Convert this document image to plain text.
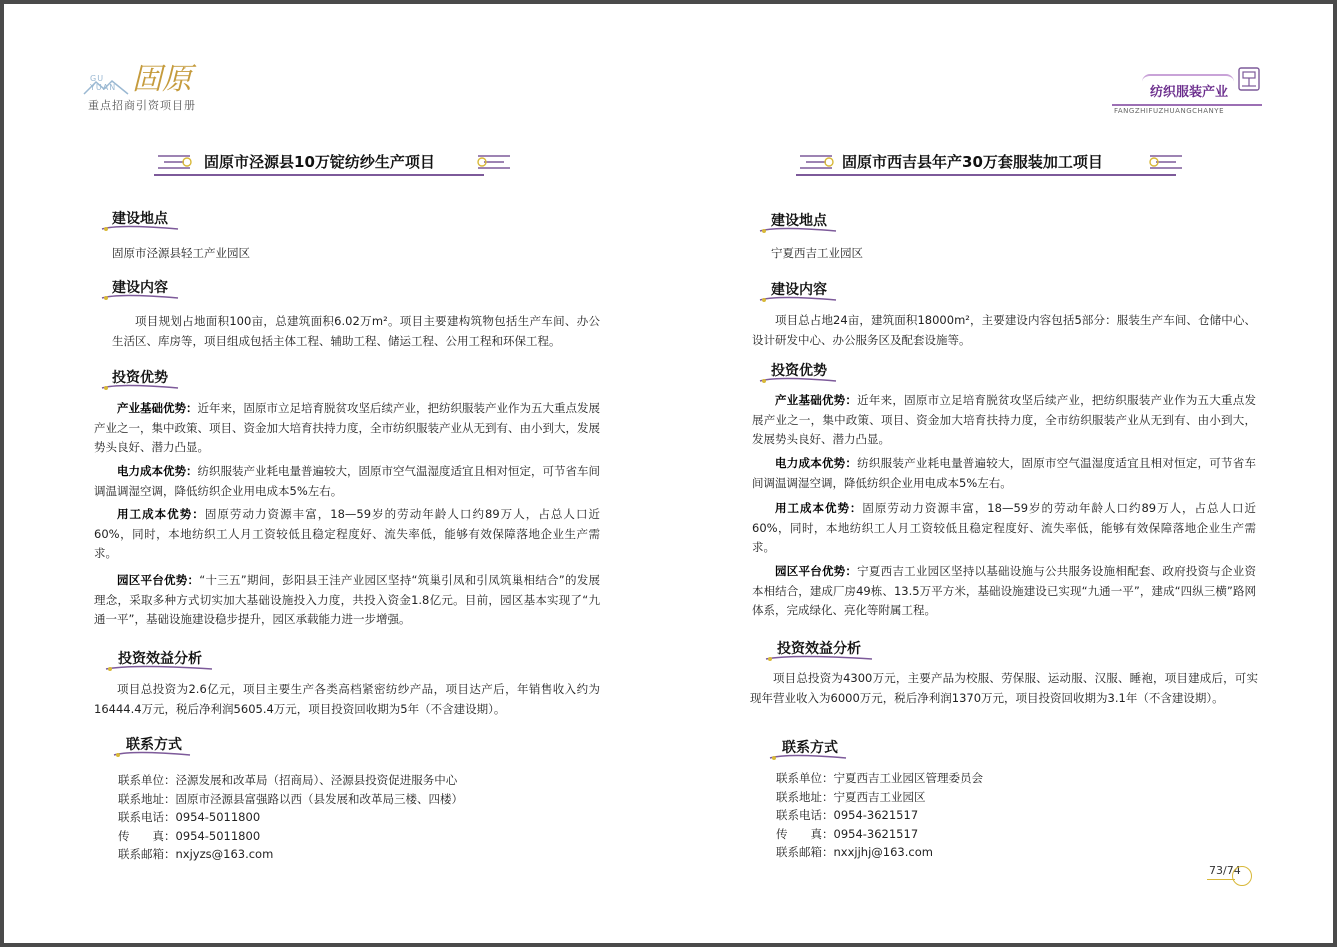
GU
YUAN 固原
重点招商引资项目册
纺织服装产业
FANGZHIFUZHUANGCHANYE
固原市泾源县10万锭纺纱生产项目
建设地点
固原市泾源县轻工产业园区
建设内容

项目规划占地面积100亩，总建筑面积6.02万m²。项目主要建构筑物包括生产车间、办公生活区、库房等，项目组成包括主体工程、辅助工程、储运工程、公用工程和环保工程。

投资优势

产业基础优势：近年来，固原市立足培育脱贫攻坚后续产业，把纺织服装产业作为五大重点发展产业之一，集中政策、项目、资金加大培育扶持力度，全市纺织服装产业从无到有、由小到大，发展势头良好、潜力凸显。

电力成本优势：纺织服装产业耗电量普遍较大，固原市空气温湿度适宜且相对恒定，可节省车间调温调湿空调，降低纺织企业用电成本5%左右。

用工成本优势：固原劳动力资源丰富，18—59岁的劳动年龄人口约89万人，占总人口近60%，同时，本地纺织工人月工资较低且稳定程度好、流失率低，能够有效保障落地企业生产需求。

园区平台优势：“十三五”期间，彭阳县王洼产业园区坚持“筑巢引凤和引凤筑巢相结合”的发展理念，采取多种方式切实加大基础设施投入力度，共投入资金1.8亿元。目前，园区基本实现了“九通一平”，基础设施建设稳步提升，园区承载能力进一步增强。

投资效益分析

项目总投资为2.6亿元，项目主要生产各类高档紧密纺纱产品，项目达产后，年销售收入约为16444.4万元，税后净利润5605.4万元，项目投资回收期为5年（不含建设期）。

联系方式
联系单位：泾源发展和改革局（招商局）、泾源县投资促进服务中心
联系地址：固原市泾源县富强路以西（县发展和改革局三楼、四楼）
联系电话：0954-5011800
传　　真：0954-5011800
联系邮箱：nxjyzs@163.com
固原市西吉县年产30万套服装加工项目
建设地点
宁夏西吉工业园区
建设内容

项目总占地24亩，建筑面积18000m²，主要建设内容包括5部分：服装生产车间、仓储中心、设计研发中心、办公服务区及配套设施等。

投资优势

产业基础优势：近年来，固原市立足培育脱贫攻坚后续产业，把纺织服装产业作为五大重点发展产业之一，集中政策、项目、资金加大培育扶持力度，全市纺织服装产业从无到有、由小到大，发展势头良好、潜力凸显。

电力成本优势：纺织服装产业耗电量普遍较大，固原市空气温湿度适宜且相对恒定，可节省车间调温调湿空调，降低纺织企业用电成本5%左右。

用工成本优势：固原劳动力资源丰富，18—59岁的劳动年龄人口约89万人，占总人口近60%，同时，本地纺织工人月工资较低且稳定程度好、流失率低，能够有效保障落地企业生产需求。

园区平台优势：宁夏西吉工业园区坚持以基础设施与公共服务设施相配套、政府投资与企业资本相结合，建成厂房49栋、13.5万平方米，基础设施建设已实现“九通一平”，建成“四纵三横”路网体系，完成绿化、亮化等附属工程。

投资效益分析

项目总投资为4300万元，主要产品为校服、劳保服、运动服、汉服、睡袍，项目建成后，可实现年营业收入为6000万元，税后净利润1370万元，项目投资回收期为3.1年（不含建设期）。

联系方式
联系单位：宁夏西吉工业园区管理委员会
联系地址：宁夏西吉工业园区
联系电话：0954-3621517
传　　真：0954-3621517
联系邮箱：nxxjjhj@163.com
73/74
